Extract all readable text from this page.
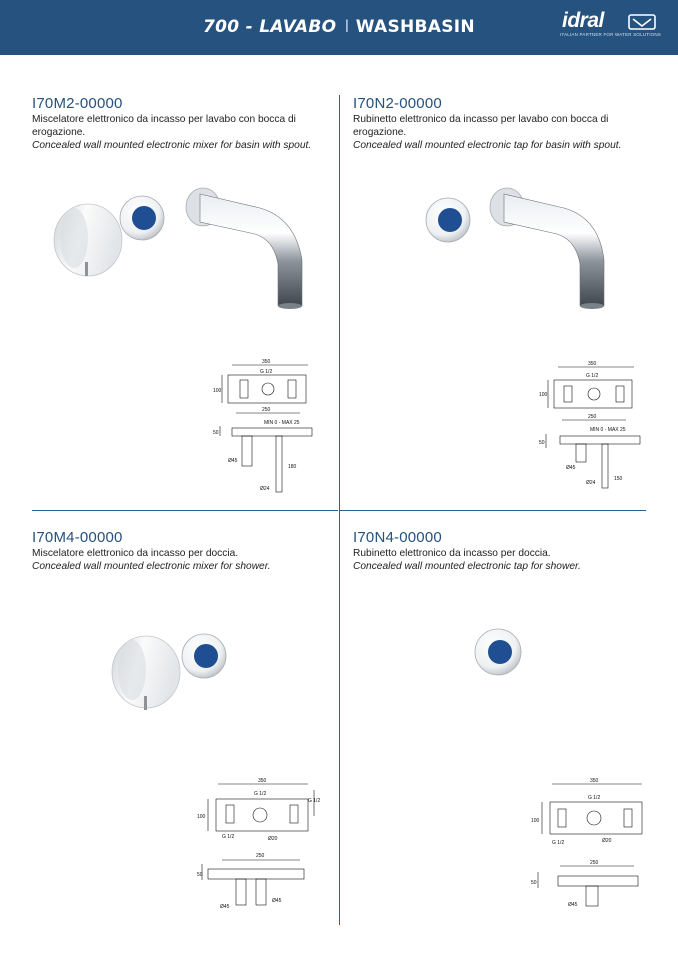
700 - LAVABO I WASHBASIN	idral
ITALIAN PARTNER FOR WATER SOLUTIONS
I70M2-00000
Miscelatore elettronico da incasso per lavabo con bocca di erogazione.
Concealed wall mounted electronic mixer for basin with spout.
350
G 1/2
100
250
MIN 0 - MAX 25
50
Ø45
Ø24
180
I70N2-00000
Rubinetto elettronico da incasso per lavabo con bocca di erogazione.
Concealed wall mounted electronic tap for basin with spout.
350
G 1/2
100
250
MIN 0 - MAX 25
50
Ø45
Ø24
150
I70M4-00000
Miscelatore elettronico da incasso per doccia.
Concealed wall mounted electronic mixer for shower.
350
G 1/2
100
G 1/2
G 1/2	Ø20
250
50
Ø45
Ø45
I70N4-00000
Rubinetto elettronico da incasso per doccia.
Concealed wall mounted electronic tap for shower.
350
G 1/2
100
G 1/2	Ø20
250
50
Ø45
